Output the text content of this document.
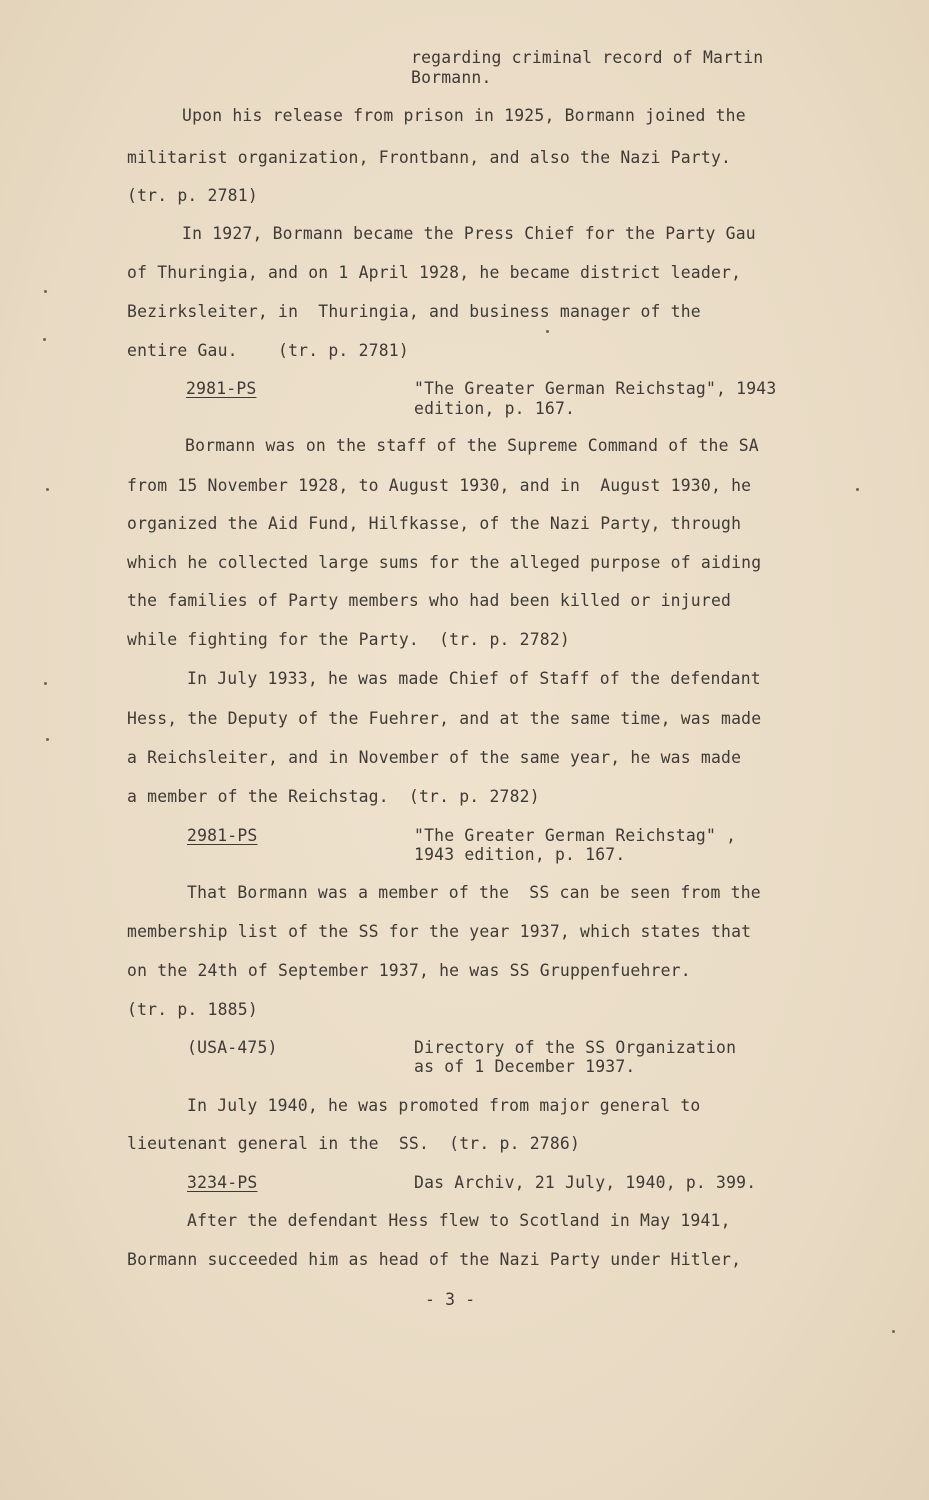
regarding criminal record of Martin

Bormann.

Upon his release from prison in 1925, Bormann joined the

militarist organization, Frontbann, and also the Nazi Party.

(tr. p. 2781)

In 1927, Bormann became the Press Chief for the Party Gau

of Thuringia, and on 1 April 1928, he became district leader,

Bezirksleiter, in  Thuringia, and business manager of the

entire Gau.    (tr. p. 2781)

2981-PS	"The Greater German Reichstag", 1943

edition, p. 167.

Bormann was on the staff of the Supreme Command of the SA

from 15 November 1928, to August 1930, and in  August 1930, he

organized the Aid Fund, Hilfkasse, of the Nazi Party, through

which he collected large sums for the alleged purpose of aiding

the families of Party members who had been killed or injured

while fighting for the Party.  (tr. p. 2782)

In July 1933, he was made Chief of Staff of the defendant

Hess, the Deputy of the Fuehrer, and at the same time, was made

a Reichsleiter, and in November of the same year, he was made

a member of the Reichstag.  (tr. p. 2782)

2981-PS	"The Greater German Reichstag" ,

1943 edition, p. 167.

That Bormann was a member of the  SS can be seen from the

membership list of the SS for the year 1937, which states that

on the 24th of September 1937, he was SS Gruppenfuehrer.

(tr. p. 1885)

(USA-475)	Directory of the SS Organization

as of 1 December 1937.

In July 1940, he was promoted from major general to

lieutenant general in the  SS.  (tr. p. 2786)

3234-PS	Das Archiv, 21 July, 1940, p. 399.

After the defendant Hess flew to Scotland in May 1941,

Bormann succeeded him as head of the Nazi Party under Hitler,

- 3 -
